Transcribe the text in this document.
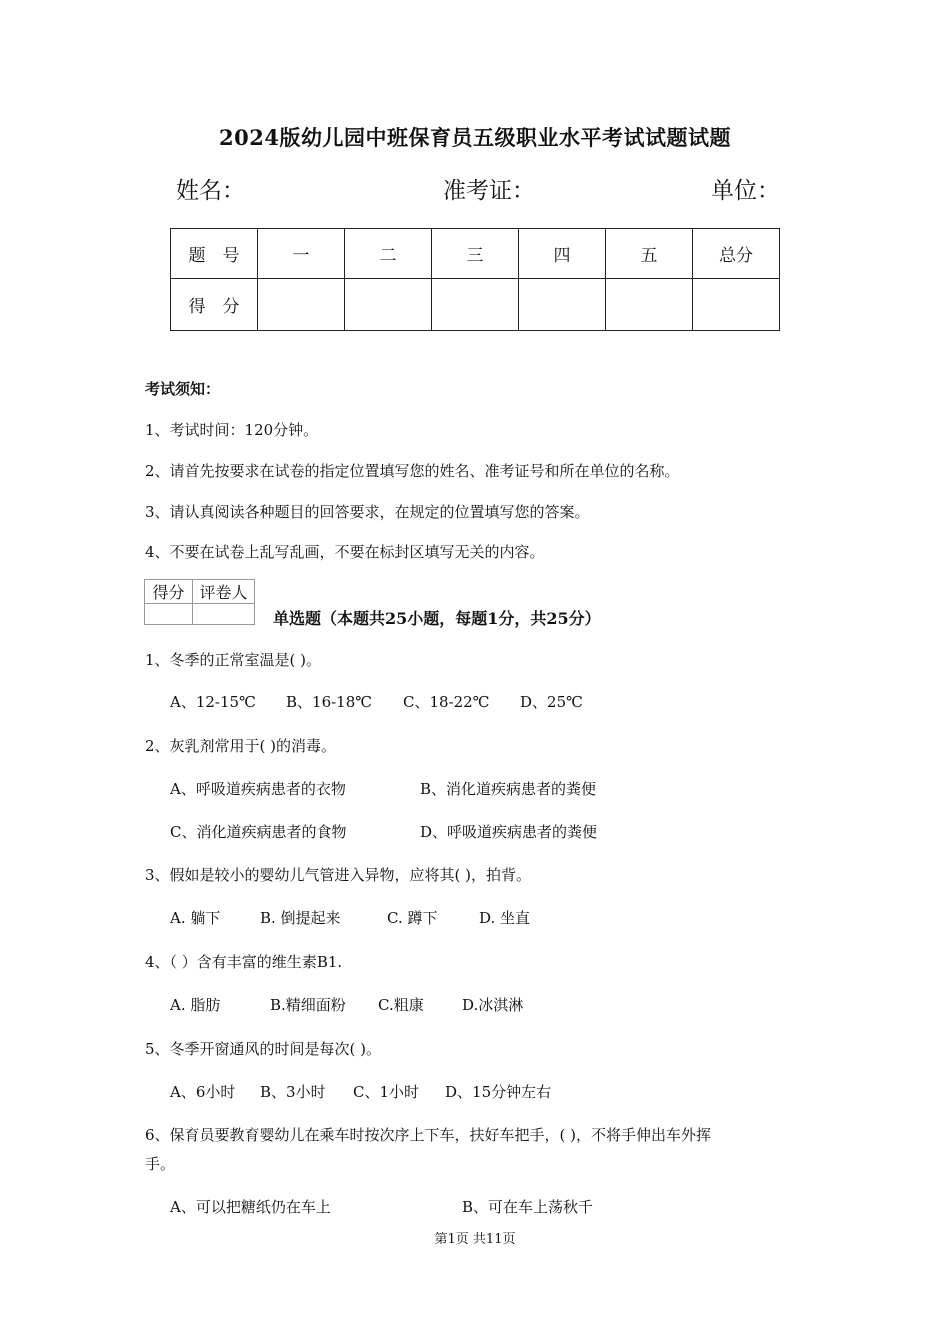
2024版幼儿园中班保育员五级职业水平考试试题试题
姓名：	准考证：	单位：
题　号	一	二	三	四	五	总分
得　分						
考试须知：
1、考试时间：120分钟。
2、请首先按要求在试卷的指定位置填写您的姓名、准考证号和所在单位的名称。
3、请认真阅读各种题目的回答要求，在规定的位置填写您的答案。
4、不要在试卷上乱写乱画，不要在标封区填写无关的内容。
得分	评卷人

单选题（本题共25小题，每题1分，共25分）
1、冬季的正常室温是( )。
A、12-15℃ B、16-18℃ C、18-22℃ D、25℃
2、灰乳剂常用于( )的消毒。
A、呼吸道疾病患者的衣物	B、消化道疾病患者的粪便
C、消化道疾病患者的食物	D、呼吸道疾病患者的粪便
3、假如是较小的婴幼儿气管进入异物，应将其( )，拍背。
A. 躺下	B. 倒提起来	C. 蹲下	D. 坐直
4、（ ）含有丰富的维生素B1.
A. 脂肪	B.精细面粉 C.粗康	D.冰淇淋
5、冬季开窗通风的时间是每次( )。
A、6小时 B、3小时 C、1小时 D、15分钟左右
6、保育员要教育婴幼儿在乘车时按次序上下车，扶好车把手，( )，不将手伸出车外挥
手。
A、可以把糖纸仍在车上	B、可在车上荡秋千
第1页 共11页
